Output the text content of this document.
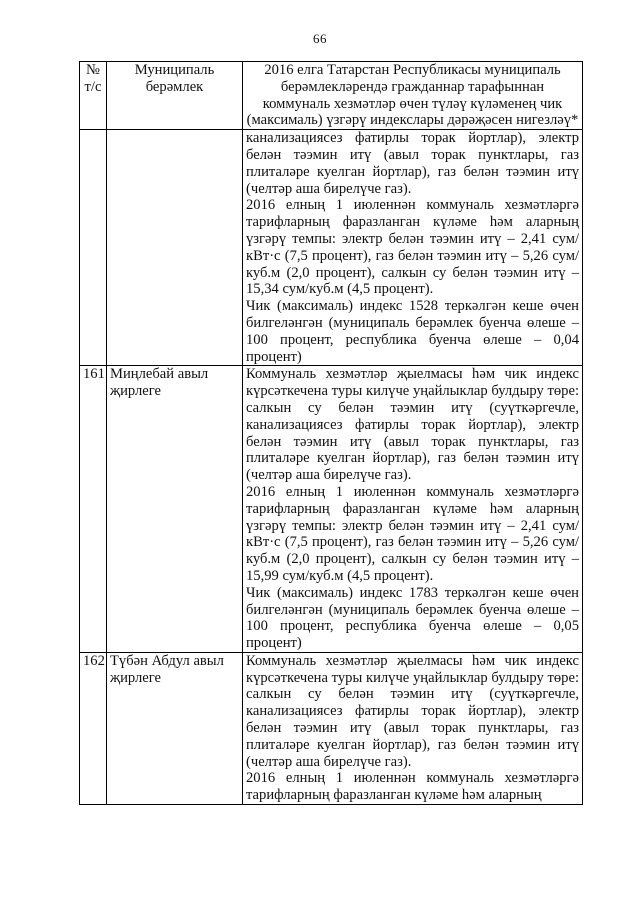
66
№ т/с	Муниципаль берәмлек	2016 елга Татарстан Республикасы муниципаль берәмлекләрендә гражданнар тарафыннан коммуналь хезмәтләр өчен түләү күләменең чик (максималь) үзгәрү индекслары дәрәҗәсен нигезләү*

		канализациясез фатирлы торак йортлар), электр белән тәэмин итү (авыл торак пунктлары, газ плиталәре куелган йортлар), газ белән тәэмин итү (челтәр аша бирелүче газ).

2016 елның 1 июленнән коммуналь хезмәтләргә тарифларның фаразланган күләме һәм аларның үзгәрү темпы: электр белән тәэмин итү – 2,41 сум/кВт·с (7,5 процент), газ белән тәэмин итү – 5,26 сум/куб.м (2,0 процент), салкын су белән тәэмин итү – 15,34 сум/куб.м (4,5 процент).

Чик (максималь) индекс 1528 теркәлгән кеше өчен билгеләнгән (муниципаль берәмлек буенча өлеше – 100 процент, республика буенча өлеше – 0,04 процент)

161	Миңлебай авыл җирлеге	Коммуналь хезмәтләр җыелмасы һәм чик индекс күрсәткечена туры килүче уңайлыклар булдыру төре: салкын су белән тәэмин итү (суүткәргечле, канализациясез фатирлы торак йортлар), электр белән тәэмин итү (авыл торак пунктлары, газ плиталәре куелган йортлар), газ белән тәэмин итү (челтәр аша бирелүче газ).

2016 елның 1 июленнән коммуналь хезмәтләргә тарифларның фаразланган күләме һәм аларның үзгәрү темпы: электр белән тәэмин итү – 2,41 сум/кВт·с (7,5 процент), газ белән тәэмин итү – 5,26 сум/куб.м (2,0 процент), салкын су белән тәэмин итү – 15,99 сум/куб.м (4,5 процент).

Чик (максималь) индекс 1783 теркәлгән кеше өчен билгеләнгән (муниципаль берәмлек буенча өлеше – 100 процент, республика буенча өлеше – 0,05 процент)

162	Түбән Абдул авыл җирлеге	Коммуналь хезмәтләр җыелмасы һәм чик индекс күрсәткечена туры килүче уңайлыклар булдыру төре: салкын су белән тәэмин итү (суүткәргечле, канализациясез фатирлы торак йортлар), электр белән тәэмин итү (авыл торак пунктлары, газ плиталәре куелган йортлар), газ белән тәэмин итү (челтәр аша бирелүче газ).

2016 елның 1 июленнән коммуналь хезмәтләргә тарифларның фаразланган күләме һәм аларның
